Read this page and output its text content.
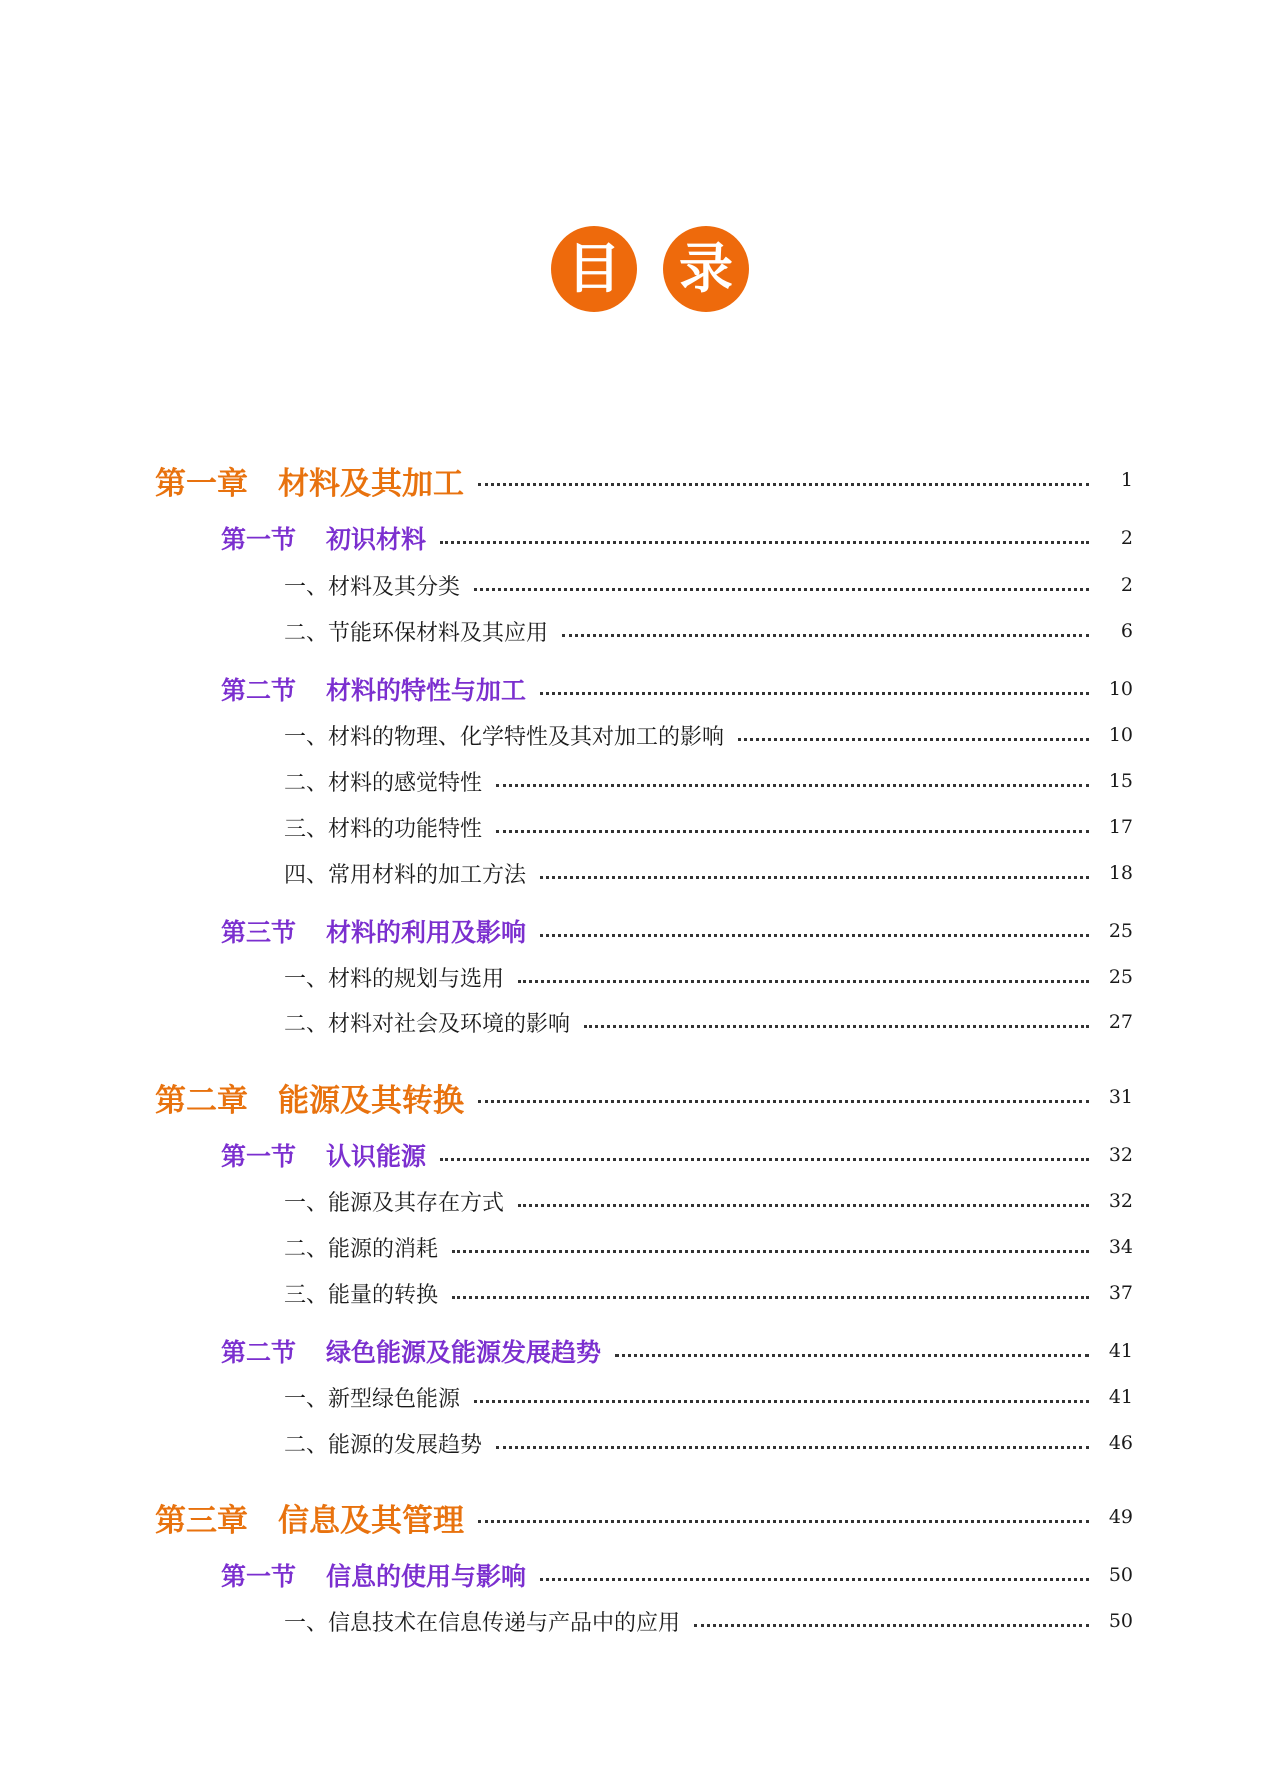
目 录
第一章 材料及其加工	1
第一节 初识材料	2
一、材料及其分类	2
二、节能环保材料及其应用	6
第二节 材料的特性与加工	10
一、材料的物理、化学特性及其对加工的影响	10
二、材料的感觉特性	15
三、材料的功能特性	17
四、常用材料的加工方法	18
第三节 材料的利用及影响	25
一、材料的规划与选用	25
二、材料对社会及环境的影响	27
第二章 能源及其转换	31
第一节 认识能源	32
一、能源及其存在方式	32
二、能源的消耗	34
三、能量的转换	37
第二节 绿色能源及能源发展趋势	41
一、新型绿色能源	41
二、能源的发展趋势	46
第三章 信息及其管理	49
第一节 信息的使用与影响	50
一、信息技术在信息传递与产品中的应用	50
